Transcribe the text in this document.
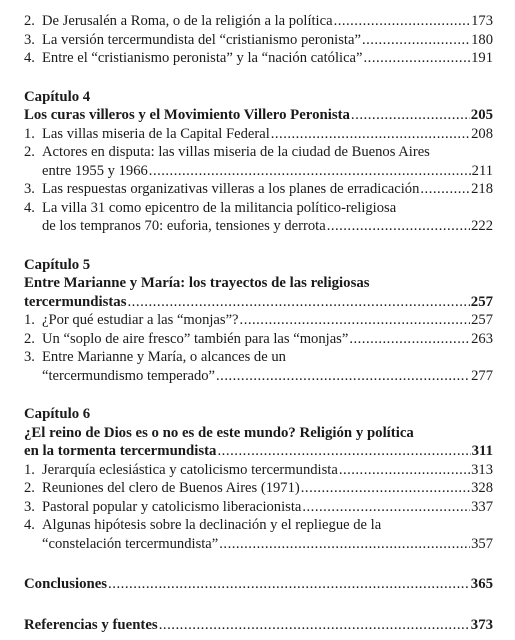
2. De Jerusalén a Roma, o de la religión a la política .....	173
3. La versión tercermundista del “cristianismo peronista” .....	180
4. Entre el “cristianismo peronista” y la “nación católica” .....	191
Capítulo 4
Los curas villeros y el Movimiento Villero Peronista .....	205
1. Las villas miseria de la Capital Federal .....	208
2. Actores en disputa: las villas miseria de la ciudad de Buenos Aires
entre 1955 y 1966 .....	211
3. Las respuestas organizativas villeras a los planes de erradicación .....	218
4. La villa 31 como epicentro de la militancia político-religiosa
de los tempranos 70: euforia, tensiones y derrota .....	222
Capítulo 5
Entre Marianne y María: los trayectos de las religiosas
tercermundistas .....	257
1. ¿Por qué estudiar a las “monjas”? .....	257
2. Un “soplo de aire fresco” también para las “monjas” .....	263
3. Entre Marianne y María, o alcances de un
“tercermundismo temperado” .....	277
Capítulo 6
¿El reino de Dios es o no es de este mundo? Religión y política
en la tormenta tercermundista .....	311
1. Jerarquía eclesiástica y catolicismo tercermundista .....	313
2. Reuniones del clero de Buenos Aires (1971) .....	328
3. Pastoral popular y catolicismo liberacionista .....	337
4. Algunas hipótesis sobre la declinación y el repliegue de la
“constelación tercermundista” .....	357
Conclusiones .....	365
Referencias y fuentes .....	373
